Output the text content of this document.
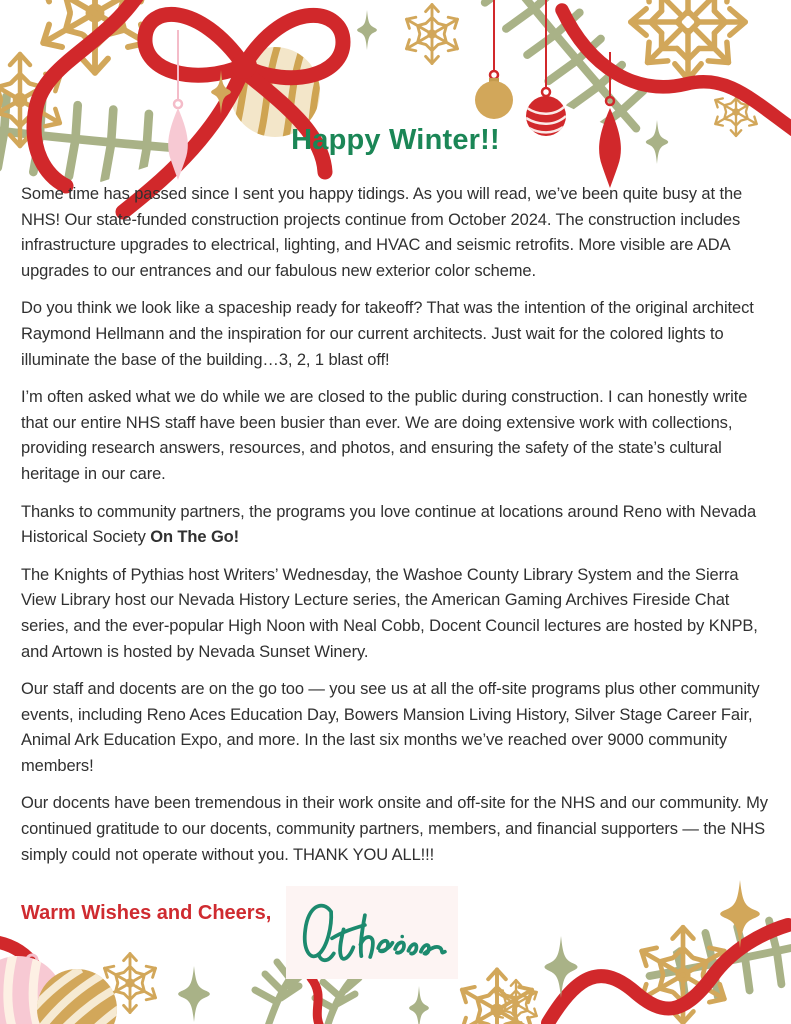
Happy Winter!!

Some time has passed since I sent you happy tidings. As you will read, we’ve been quite busy at the NHS! Our state-funded construction projects continue from October 2024. The construction includes infrastructure upgrades to electrical, lighting, and HVAC and seismic retrofits. More visible are ADA upgrades to our entrances and our fabulous new exterior color scheme.

Do you think we look like a spaceship ready for takeoff? That was the intention of the original architect Raymond Hellmann and the inspiration for our current architects. Just wait for the colored lights to illuminate the base of the building…3, 2, 1 blast off!

I’m often asked what we do while we are closed to the public during construction. I can honestly write that our entire NHS staff have been busier than ever. We are doing extensive work with collections, providing research answers, resources, and photos, and ensuring the safety of the state’s cultural heritage in our care.

Thanks to community partners, the programs you love continue at locations around Reno with Nevada Historical Society On The Go!

The Knights of Pythias host Writers’ Wednesday, the Washoe County Library System and the Sierra View Library host our Nevada History Lecture series, the American Gaming Archives Fireside Chat series, and the ever-popular High Noon with Neal Cobb, Docent Council lectures are hosted by KNPB, and Artown is hosted by Nevada Sunset Winery.

Our staff and docents are on the go too — you see us at all the off-site programs plus other community events, including Reno Aces Education Day, Bowers Mansion Living History, Silver Stage Career Fair, Animal Ark Education Expo, and more. In the last six months we’ve reached over 9000 community members!

Our docents have been tremendous in their work onsite and off-site for the NHS and our community. My continued gratitude to our docents, community partners, members, and financial supporters — the NHS simply could not operate without you. THANK YOU ALL!!!

Warm Wishes and Cheers,
